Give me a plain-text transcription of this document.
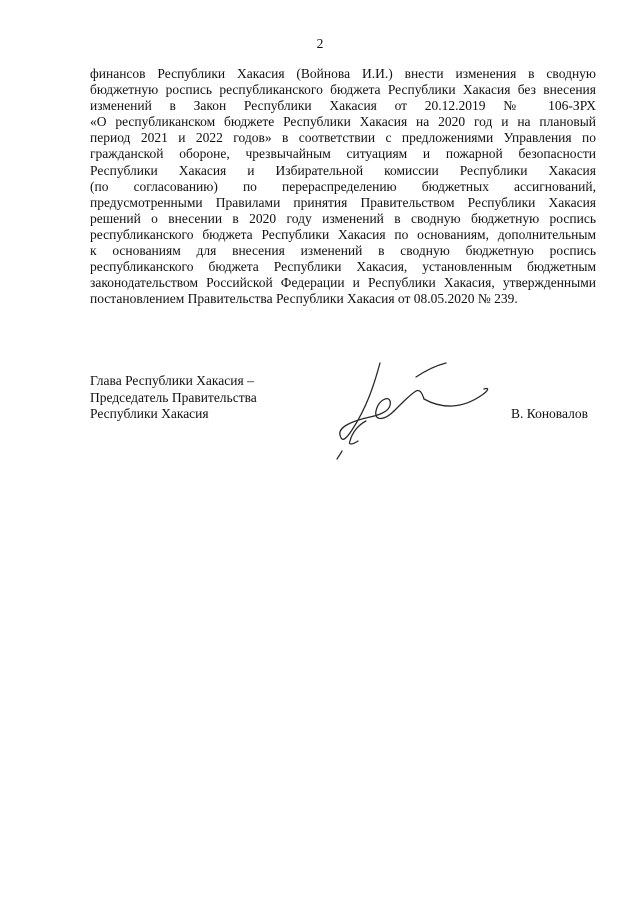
2
финансов Республики Хакасия (Войнова И.И.) внести изменения в сводную
бюджетную роспись республиканского бюджета Республики Хакасия без внесения
изменений в Закон Республики Хакасия от 20.12.2019 № 106-ЗРХ
«О республиканском бюджете Республики Хакасия на 2020 год и на плановый
период 2021 и 2022 годов» в соответствии с предложениями Управления по
гражданской обороне, чрезвычайным ситуациям и пожарной безопасности
Республики Хакасия и Избирательной комиссии Республики Хакасия
(по согласованию) по перераспределению бюджетных ассигнований,
предусмотренными Правилами принятия Правительством Республики Хакасия
решений о внесении в 2020 году изменений в сводную бюджетную роспись
республиканского бюджета Республики Хакасия по основаниям, дополнительным
к основаниям для внесения изменений в сводную бюджетную роспись
республиканского бюджета Республики Хакасия, установленным бюджетным
законодательством Российской Федерации и Республики Хакасия, утвержденными
постановлением Правительства Республики Хакасия от 08.05.2020 № 239.
Глава Республики Хакасия –
Председатель Правительства
Республики Хакасия	В. Коновалов
